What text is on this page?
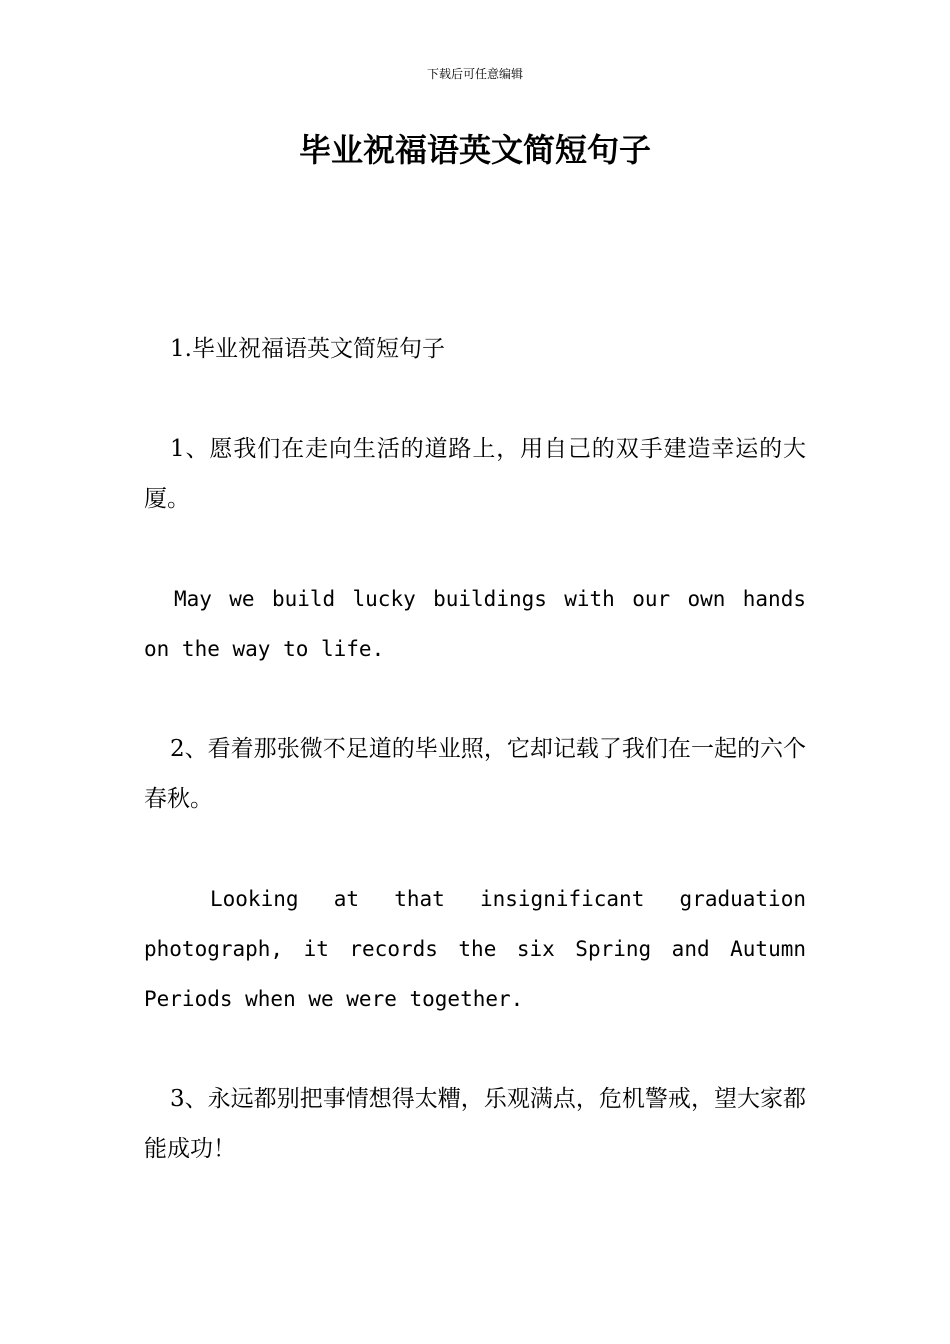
下载后可任意编辑
毕业祝福语英文简短句子

1.毕业祝福语英文简短句子

1、愿我们在走向生活的道路上，用自己的双手建造幸运的大厦。

May we build lucky buildings with our own hands on the way to life.

2、看着那张微不足道的毕业照，它却记载了我们在一起的六个春秋。

Looking at that insignificant graduation photograph, it records the six Spring and Autumn Periods when we were together.

3、永远都别把事情想得太糟，乐观满点，危机警戒，望大家都能成功！
